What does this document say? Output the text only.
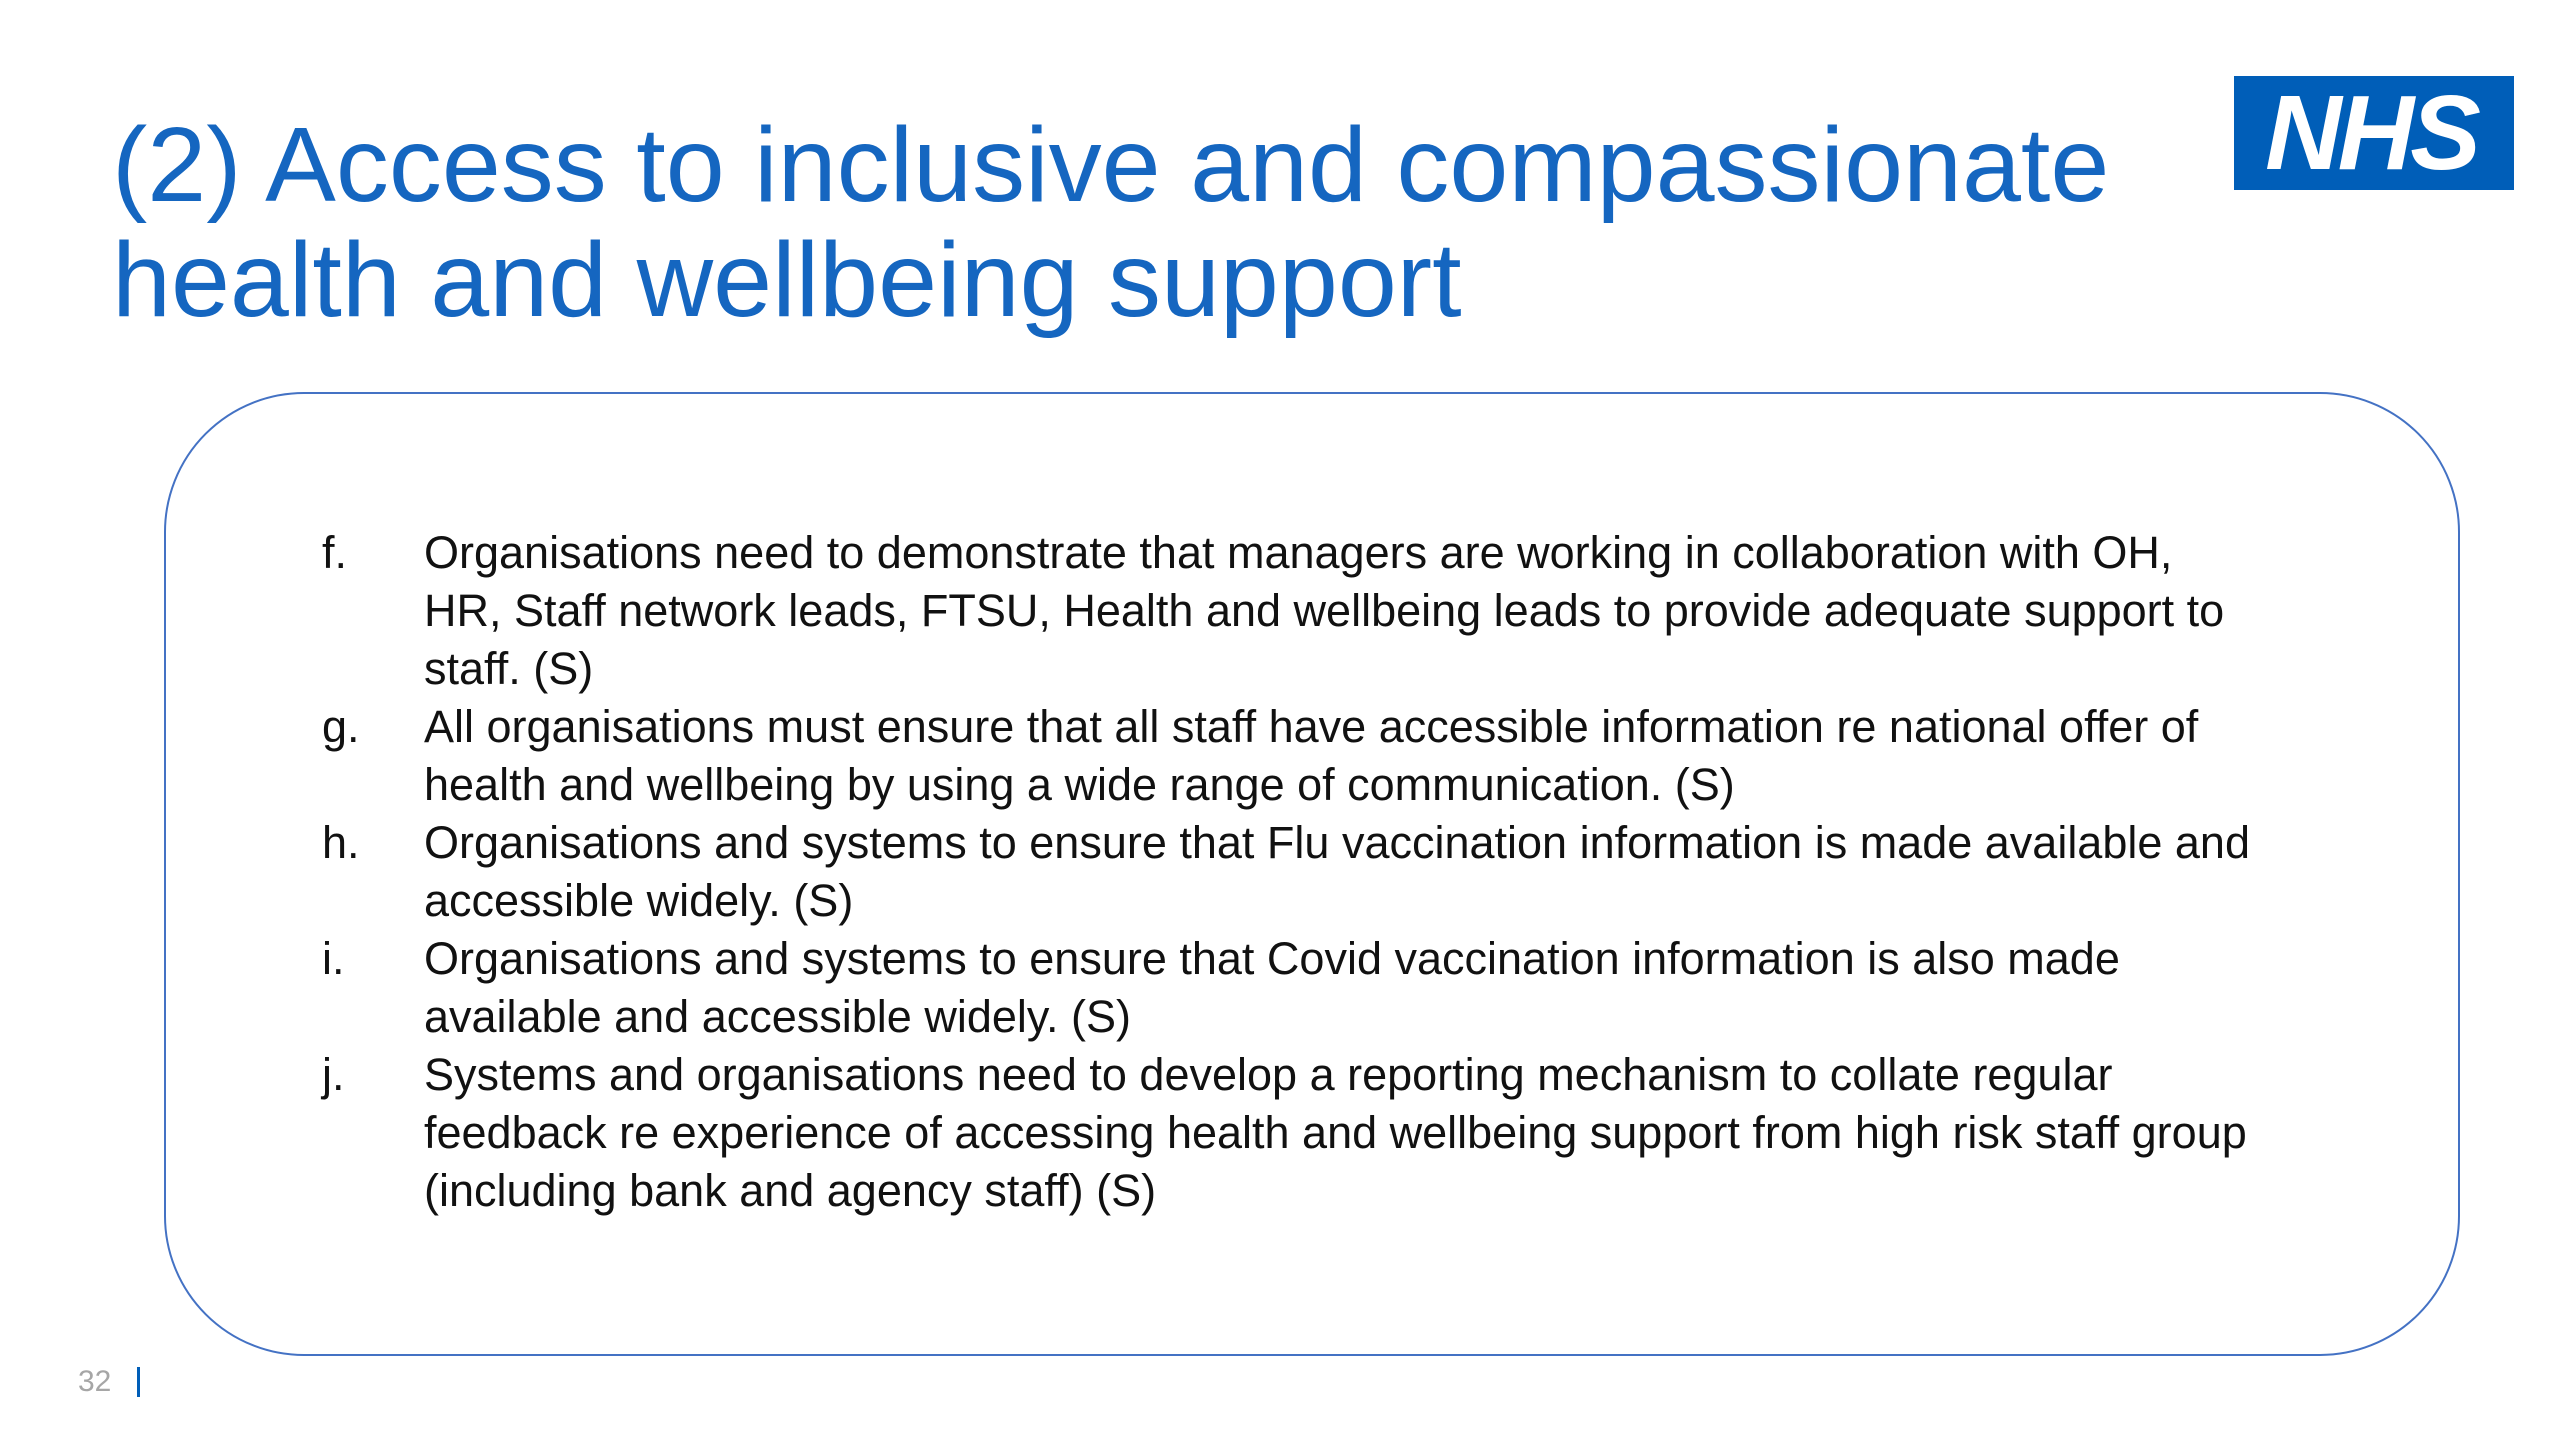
(2) Access to inclusive and compassionate
health and wellbeing support
NHS
f.	Organisations need to demonstrate that managers are working in collaboration with OH,
HR, Staff network leads, FTSU, Health and wellbeing leads to provide adequate support to
staff. (S)
g.	All organisations must ensure that all staff have accessible information re national offer of
health and wellbeing by using a wide range of communication. (S)
h.	Organisations and systems to ensure that Flu vaccination information is made available and
accessible widely. (S)
i.	Organisations and systems to ensure that Covid vaccination information is also made
available and accessible widely. (S)
j.	Systems and organisations need to develop a reporting mechanism to collate regular
feedback re experience of accessing health and wellbeing support from high risk staff group
(including bank and agency staff) (S)
32
